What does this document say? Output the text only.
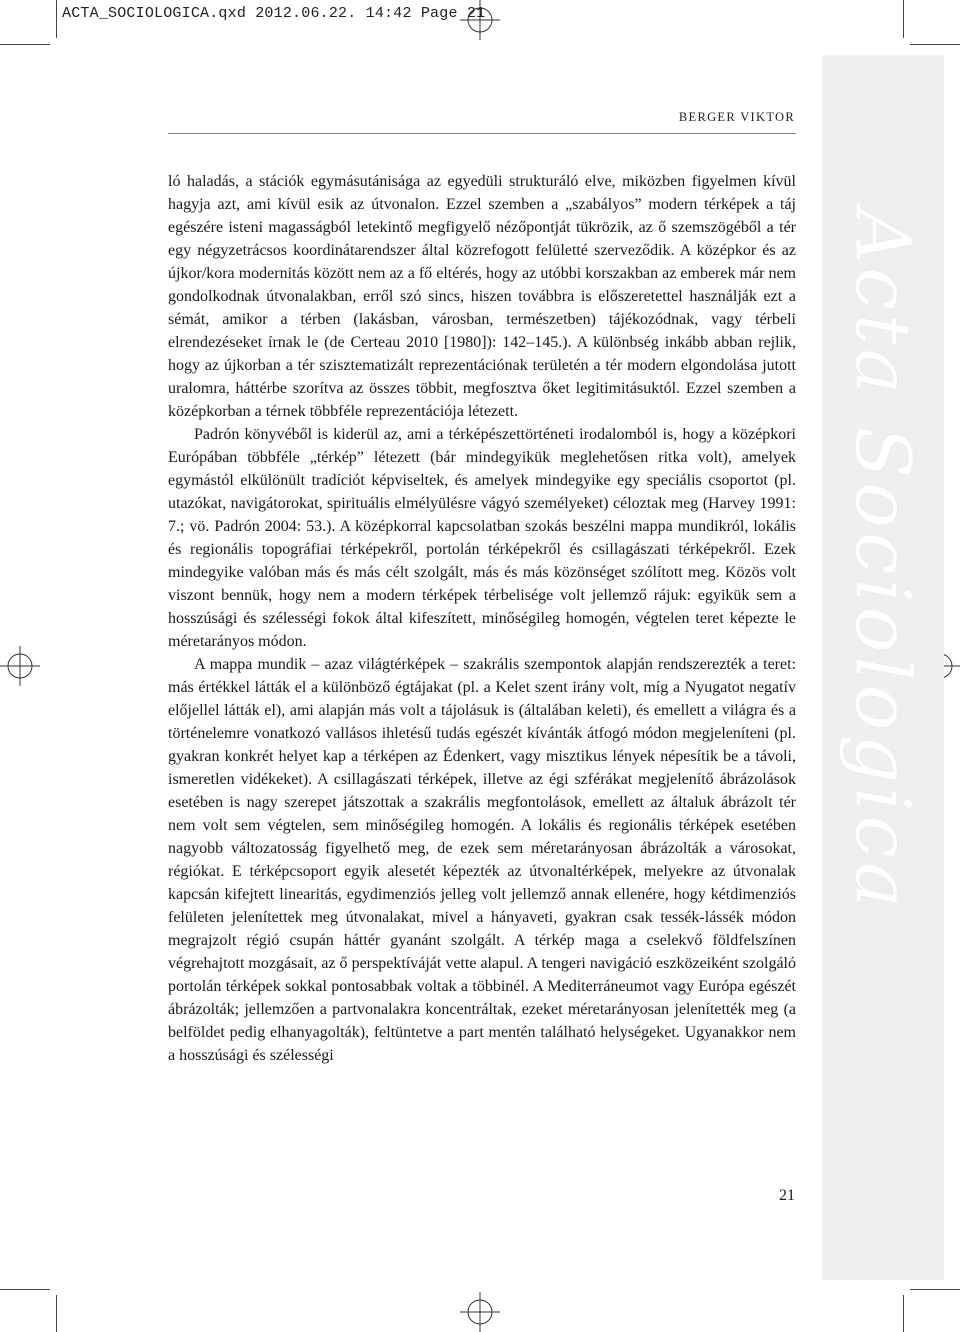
ACTA_SOCIOLOGICA.qxd 2012.06.22. 14:42 Page 21
Acta Sociologica
BERGER VIKTOR

ló haladás, a stációk egymásutánisága az egyedüli strukturáló elve, miközben figyelmen kívül hagyja azt, ami kívül esik az útvonalon. Ezzel szemben a „szabályos” modern térképek a táj egészére isteni magasságból letekintő megfigyelő nézőpontját tükrözik, az ő szemszögéből a tér egy négyzetrácsos koordinátarendszer által közrefogott felületté szerveződik. A középkor és az újkor/kora modernitás között nem az a fő eltérés, hogy az utóbbi korszakban az emberek már nem gondolkodnak útvonalakban, erről szó sincs, hiszen továbbra is előszeretettel használják ezt a sémát, amikor a térben (lakásban, városban, természetben) tájékozódnak, vagy térbeli elrendezéseket írnak le (de Certeau 2010 [1980]): 142–145.). A különbség inkább abban rejlik, hogy az újkorban a tér szisztematizált reprezentációnak területén a tér modern elgondolása jutott uralomra, háttérbe szorítva az összes többit, megfosztva őket legitimitásuktól. Ezzel szemben a középkorban a térnek többféle reprezentációja létezett.

Padrón könyvéből is kiderül az, ami a térképészettörténeti irodalomból is, hogy a középkori Európában többféle „térkép” létezett (bár mindegyikük meglehetősen ritka volt), amelyek egymástól elkülönült tradíciót képviseltek, és amelyek mindegyike egy speciális csoportot (pl. utazókat, navigátorokat, spirituális elmélyülésre vágyó személyeket) céloztak meg (Harvey 1991: 7.; vö. Padrón 2004: 53.). A középkorral kapcsolatban szokás beszélni mappa mundikról, lokális és regionális topográfiai térképekről, portolán térképekről és csillagászati térképekről. Ezek mindegyike valóban más és más célt szolgált, más és más közönséget szólított meg. Közös volt viszont bennük, hogy nem a modern térképek térbelisége volt jellemző rájuk: egyikük sem a hosszúsági és szélességi fokok által kifeszített, minőségileg homogén, végtelen teret képezte le méretarányos módon.

A mappa mundik – azaz világtérképek – szakrális szempontok alapján rendszerezték a teret: más értékkel látták el a különböző égtájakat (pl. a Kelet szent irány volt, míg a Nyugatot negatív előjellel látták el), ami alapján más volt a tájolásuk is (általában keleti), és emellett a világra és a történelemre vonatkozó vallásos ihletésű tudás egészét kívánták átfogó módon megjeleníteni (pl. gyakran konkrét helyet kap a térképen az Édenkert, vagy misztikus lények népesítik be a távoli, ismeretlen vidékeket). A csillagászati térképek, illetve az égi szférákat megjelenítő ábrázolások esetében is nagy szerepet játszottak a szakrális megfontolások, emellett az általuk ábrázolt tér nem volt sem végtelen, sem minőségileg homogén. A lokális és regionális térképek esetében nagyobb változatosság figyelhető meg, de ezek sem méretarányosan ábrázolták a városokat, régiókat. E térképcsoport egyik alesetét képezték az útvonaltérképek, melyekre az útvonalak kapcsán kifejtett linearitás, egydimenziós jelleg volt jellemző annak ellenére, hogy kétdimenziós felületen jelenítettek meg útvonalakat, mivel a hányaveti, gyakran csak tessék-lássék módon megrajzolt régió csupán háttér gyanánt szolgált. A térkép maga a cselekvő földfelszínen végrehajtott mozgásait, az ő perspektíváját vette alapul. A tengeri navigáció eszközeiként szolgáló portolán térképek sokkal pontosabbak voltak a többinél. A Mediterráneumot vagy Európa egészét ábrázolták; jellemzően a partvonalakra koncentráltak, ezeket méretarányosan jelenítették meg (a belföldet pedig elhanyagolták), feltüntetve a part mentén található helységeket. Ugyanakkor nem a hosszúsági és szélességi

21
